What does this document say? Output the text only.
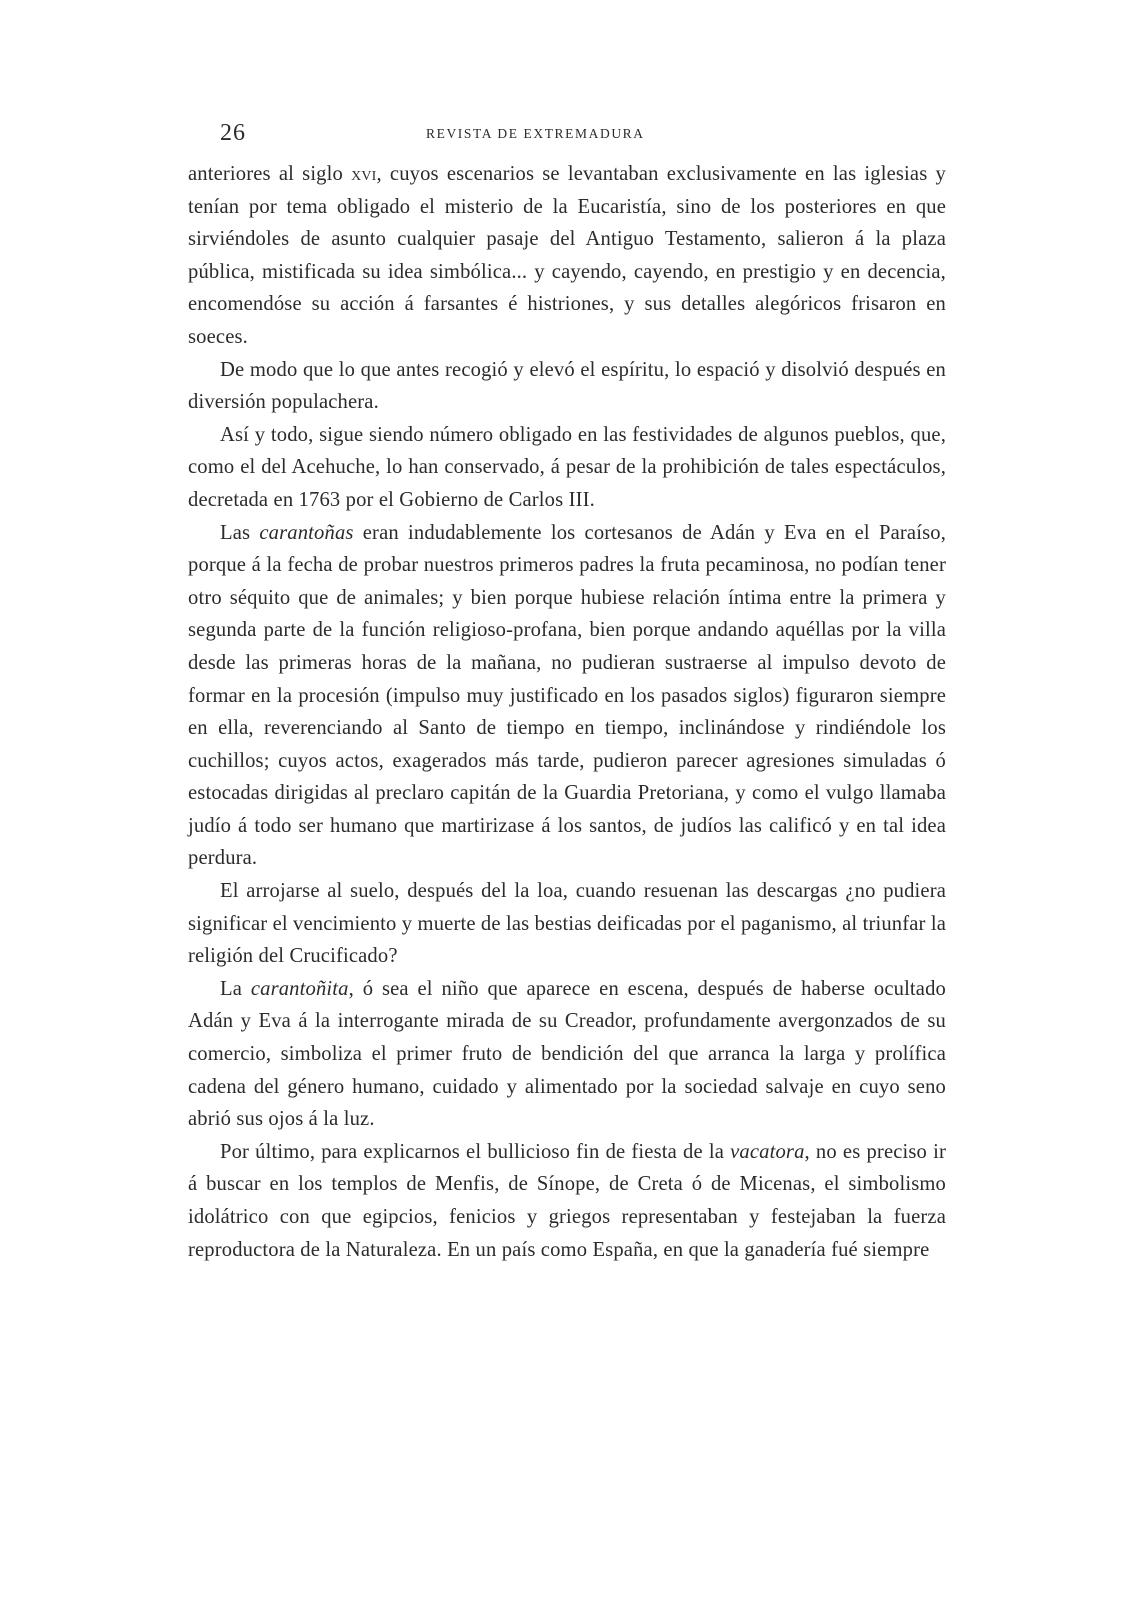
26	REVISTA DE EXTREMADURA

anteriores al siglo xvi, cuyos escenarios se levantaban exclusivamente en las iglesias y tenían por tema obligado el misterio de la Eucaristía, sino de los posteriores en que sirviéndoles de asunto cualquier pasaje del Antiguo Testamento, salieron á la plaza pública, mistificada su idea simbólica... y cayendo, cayendo, en prestigio y en decencia, encomendóse su acción á farsantes é histriones, y sus detalles alegóricos frisaron en soeces.

De modo que lo que antes recogió y elevó el espíritu, lo espació y disolvió después en diversión populachera.

Así y todo, sigue siendo número obligado en las festividades de algunos pueblos, que, como el del Acehuche, lo han conservado, á pesar de la prohibición de tales espectáculos, decretada en 1763 por el Gobierno de Carlos III.

Las carantoñas eran indudablemente los cortesanos de Adán y Eva en el Paraíso, porque á la fecha de probar nuestros primeros padres la fruta pecaminosa, no podían tener otro séquito que de animales; y bien porque hubiese relación íntima entre la primera y segunda parte de la función religioso-profana, bien porque andando aquéllas por la villa desde las primeras horas de la mañana, no pudieran sustraerse al impulso devoto de formar en la procesión (impulso muy justificado en los pasados siglos) figuraron siempre en ella, reverenciando al Santo de tiempo en tiempo, inclinándose y rindiéndole los cuchillos; cuyos actos, exagerados más tarde, pudieron parecer agresiones simuladas ó estocadas dirigidas al preclaro capitán de la Guardia Pretoriana, y como el vulgo llamaba judío á todo ser humano que martirizase á los santos, de judíos las calificó y en tal idea perdura.

El arrojarse al suelo, después del la loa, cuando resuenan las descargas ¿no pudiera significar el vencimiento y muerte de las bestias deificadas por el paganismo, al triunfar la religión del Crucificado?

La carantoñita, ó sea el niño que aparece en escena, después de haberse ocultado Adán y Eva á la interrogante mirada de su Creador, profundamente avergonzados de su comercio, simboliza el primer fruto de bendición del que arranca la larga y prolífica cadena del género humano, cuidado y alimentado por la sociedad salvaje en cuyo seno abrió sus ojos á la luz.

Por último, para explicarnos el bullicioso fin de fiesta de la vacatora, no es preciso ir á buscar en los templos de Menfis, de Sínope, de Creta ó de Micenas, el simbolismo idolátrico con que egipcios, fenicios y griegos representaban y festejaban la fuerza reproductora de la Naturaleza. En un país como España, en que la ganadería fué siempre
